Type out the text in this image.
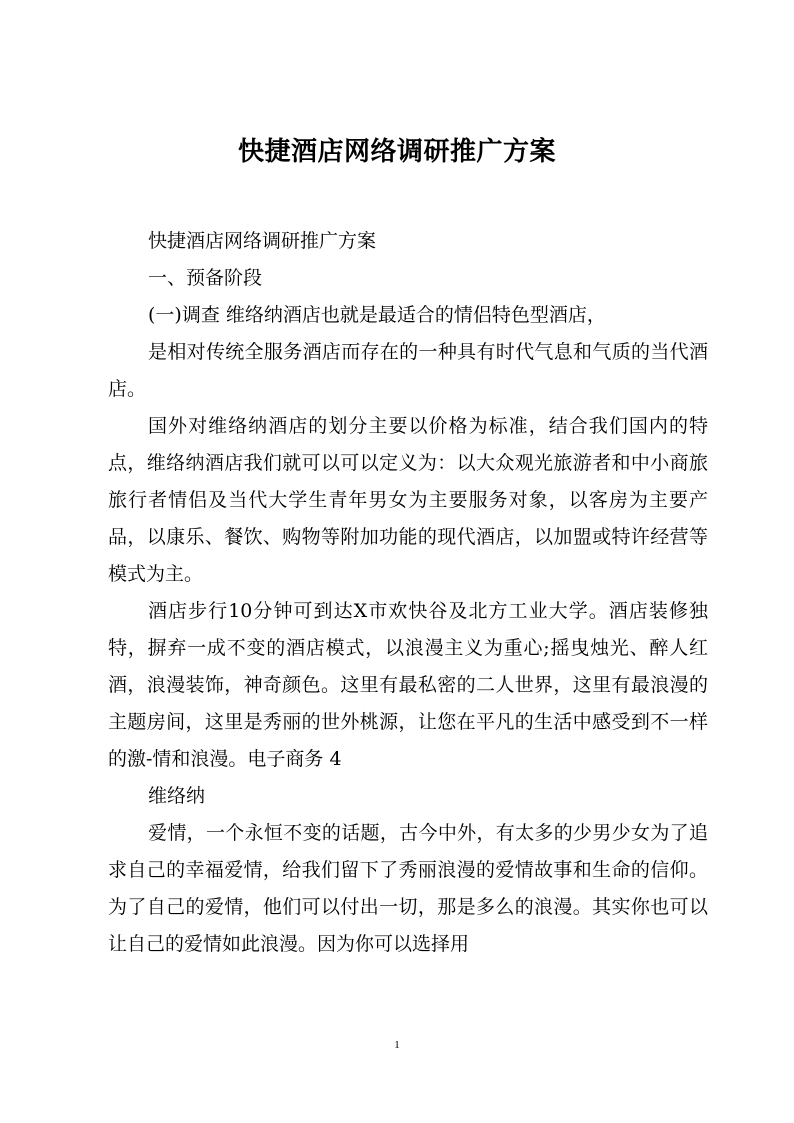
快捷酒店网络调研推广方案

快捷酒店网络调研推广方案

一、预备阶段

(一)调查 维络纳酒店也就是最适合的情侣特色型酒店，

是相对传统全服务酒店而存在的一种具有时代气息和气质的当代酒店。

国外对维络纳酒店的划分主要以价格为标准，结合我们国内的特点，维络纳酒店我们就可以可以定义为：以大众观光旅游者和中小商旅旅行者情侣及当代大学生青年男女为主要服务对象，以客房为主要产品，以康乐、餐饮、购物等附加功能的现代酒店，以加盟或特许经营等模式为主。

酒店步行10分钟可到达X市欢快谷及北方工业大学。酒店装修独特，摒弃一成不变的酒店模式，以浪漫主义为重心;摇曳烛光、醉人红酒，浪漫装饰，神奇颜色。这里有最私密的二人世界，这里有最浪漫的主题房间，这里是秀丽的世外桃源，让您在平凡的生活中感受到不一样的激-情和浪漫。电子商务 4

维络纳

爱情，一个永恒不变的话题，古今中外，有太多的少男少女为了追求自己的幸福爱情，给我们留下了秀丽浪漫的爱情故事和生命的信仰。为了自己的爱情，他们可以付出一切，那是多么的浪漫。其实你也可以让自己的爱情如此浪漫。因为你可以选择用

1
